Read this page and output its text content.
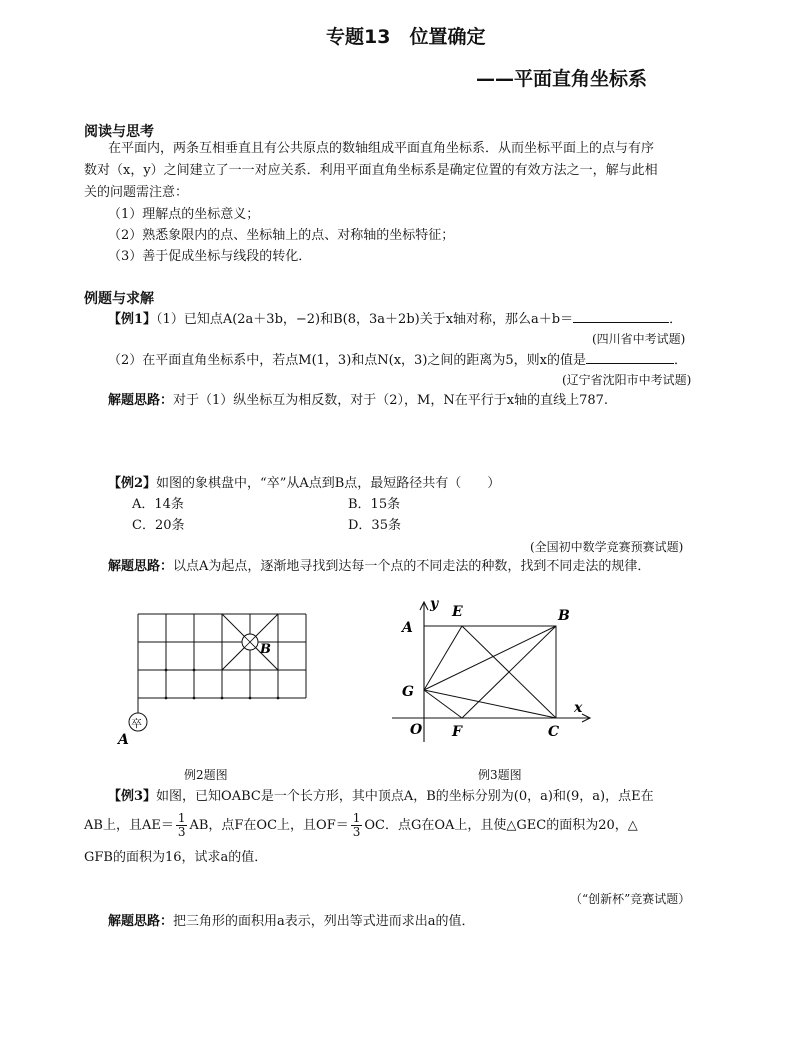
专题13　位置确定
——平面直角坐标系
阅读与思考
在平面内，两条互相垂直且有公共原点的数轴组成平面直角坐标系．从而坐标平面上的点与有序
数对（x，y）之间建立了一一对应关系．利用平面直角坐标系是确定位置的有效方法之一，解与此相
关的问题需注意：
（1）理解点的坐标意义；
（2）熟悉象限内的点、坐标轴上的点、对称轴的坐标特征；
（3）善于促成坐标与线段的转化．
例题与求解
【例1】（1）已知点A(2a＋3b，−2)和B(8，3a＋2b)关于x轴对称，那么a＋b＝	．
(四川省中考试题)
（2）在平面直角坐标系中，若点M(1，3)和点N(x，3)之间的距离为5，则x的值是	．
(辽宁省沈阳市中考试题)
解题思路：对于（1）纵坐标互为相反数，对于（2），M，N在平行于x轴的直线上787.
【例2】如图的象棋盘中，“卒”从A点到B点，最短路径共有（　　）
A．14条	B．15条
C．20条	D．35条
(全国初中数学竞赛预赛试题)
解题思路：以点A为起点，逐渐地寻找到达每一个点的不同走法的种数，找到不同走法的规律．
B
卒
A
例2题图
y E	B
A
G
x
O F	C
例3题图
【例3】如图，已知OABC是一个长方形，其中顶点A，B的坐标分别为(0，a)和(9，a)，点E在
AB上，且$AE= \frac{1}{3}$ AB，点F在OC上，且$OF= \frac{1}{3}$ OC．点G在OA上，且使△GEC的面积为20，△
GFB的面积为16，试求a的值．
（“创新杯”竞赛试题）
解题思路：把三角形的面积用a表示，列出等式进而求出a的值．
